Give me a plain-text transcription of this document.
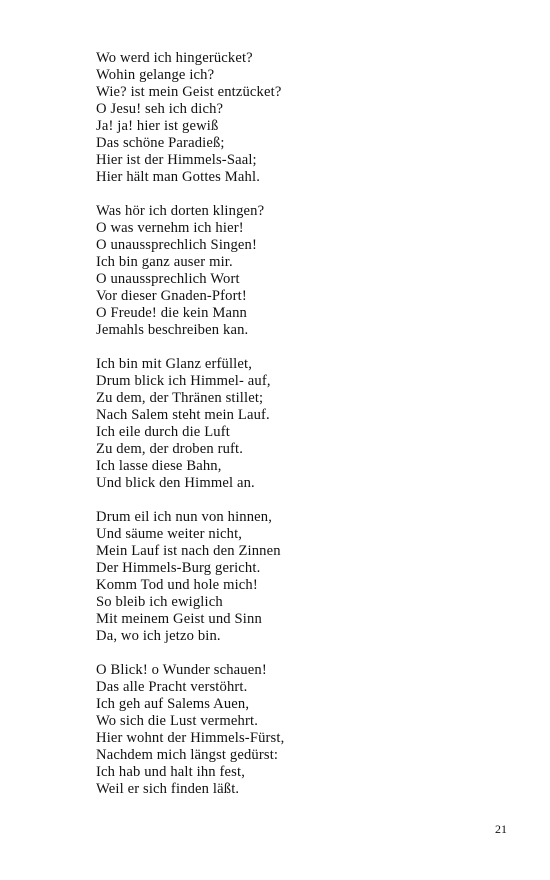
Wo werd ich hingerücket?
Wohin gelange ich?
Wie? ist mein Geist entzücket?
O Jesu! seh ich dich?
Ja! ja! hier ist gewiß
Das schöne Paradieß;
Hier ist der Himmels-Saal;
Hier hält man Gottes Mahl.
Was hör ich dorten klingen?
O was vernehm ich hier!
O unaussprechlich Singen!
Ich bin ganz auser mir.
O unaussprechlich Wort
Vor dieser Gnaden-Pfort!
O Freude! die kein Mann
Jemahls beschreiben kan.
Ich bin mit Glanz erfüllet,
Drum blick ich Himmel- auf,
Zu dem, der Thränen stillet;
Nach Salem steht mein Lauf.
Ich eile durch die Luft
Zu dem, der droben ruft.
Ich lasse diese Bahn,
Und blick den Himmel an.
Drum eil ich nun von hinnen,
Und säume weiter nicht,
Mein Lauf ist nach den Zinnen
Der Himmels-Burg gericht.
Komm Tod und hole mich!
So bleib ich ewiglich
Mit meinem Geist und Sinn
Da, wo ich jetzo bin.
O Blick! o Wunder schauen!
Das alle Pracht verstöhrt.
Ich geh auf Salems Auen,
Wo sich die Lust vermehrt.
Hier wohnt der Himmels-Fürst,
Nachdem mich längst gedürst:
Ich hab und halt ihn fest,
Weil er sich finden läßt.
21
